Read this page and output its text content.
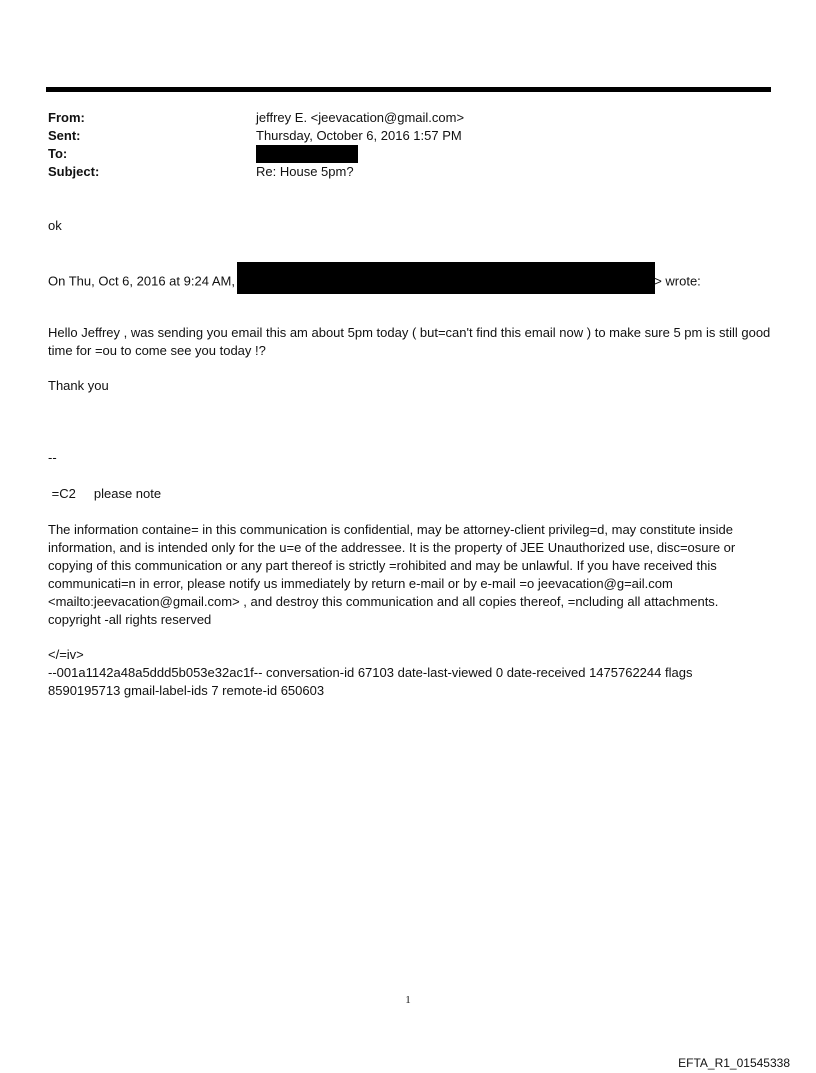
From:	jeffrey E. <jeevacation@gmail.com>
Sent:	Thursday, October 6, 2016 1:57 PM
To:
Subject:	Re: House 5pm?
ok
On Thu, Oct 6, 2016 at 9:24 AM,	> wrote:
Hello Jeffrey , was sending you email this am about 5pm today ( but=can't find this email now ) to make sure 5 pm is still good time for =ou to come see you today !?
Thank you
--
=C2     please note
The information containe= in this communication is confidential, may be attorney-client privileg=d, may constitute inside information, and is intended only for the u=e of the addressee. It is the property of JEE Unauthorized use, disc=osure or copying of this communication or any part thereof is strictly =rohibited and may be unlawful. If you have received this communicati=n in error, please notify us immediately by return e-mail or by e-mail =o jeevacation@g=ail.com <mailto:jeevacation@gmail.com> , and destroy this communication and all copies thereof, =ncluding all attachments. copyright -all rights reserved
</=iv>
--001a1142a48a5ddd5b053e32ac1f-- conversation-id 67103 date-last-viewed 0 date-received 1475762244 flags 8590195713 gmail-label-ids 7 remote-id 650603
1
EFTA_R1_01545338
